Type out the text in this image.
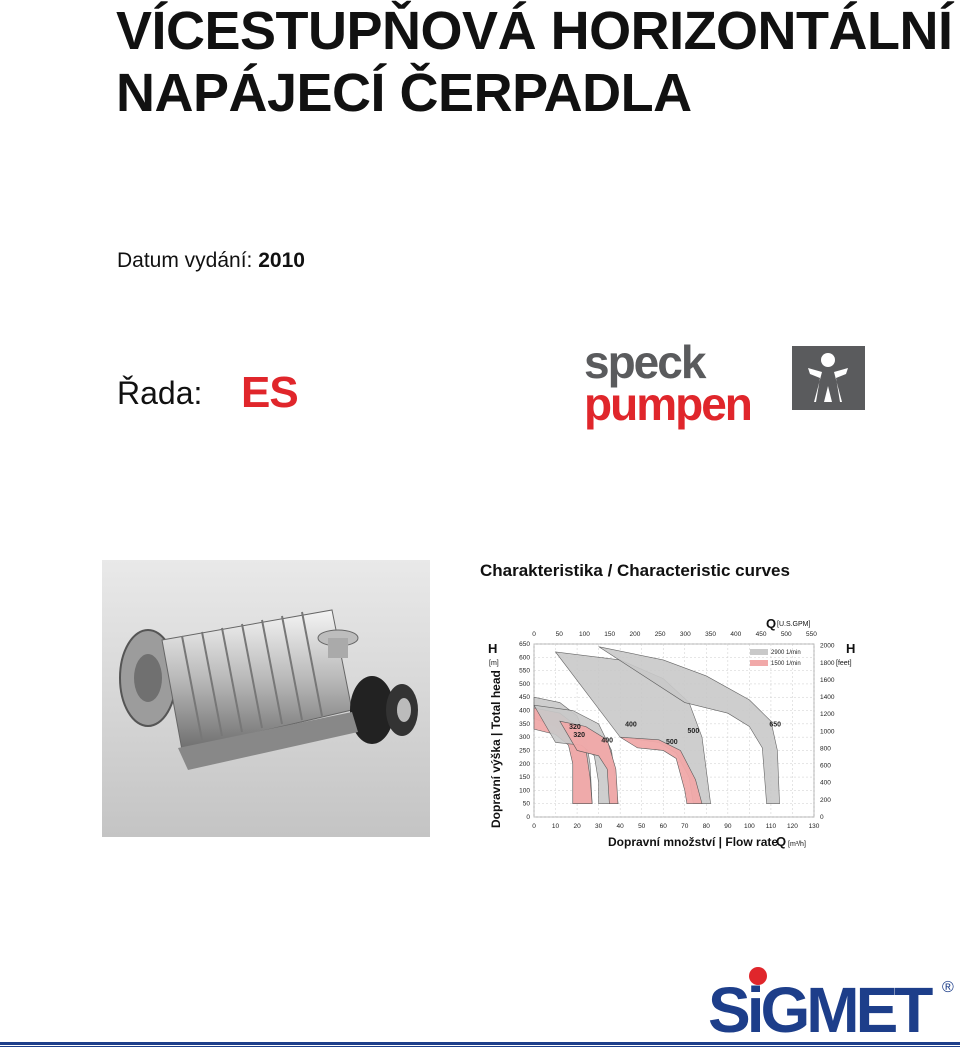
VÍCESTUPŇOVÁ HORIZONTÁLNÍ
NAPÁJECÍ ČERPADLA
Datum vydání: 2010
Řada: ES
speck
pumpen
Charakteristika / Characteristic curves
Q [U.S.GPM]
H
[m]
H
[feet]
Dopravní výška | Total head
Dopravní množství | Flow rate
Q [m³/h]
0 10 20 30 40 50 60 70 80 90 100 110 120 130
0
50
100
150
200
250
300
350
400
450
500
550
600
650
0	50 100 150 200 250 300 350 400 450 500 550
0
200
400
600
800
1000
1200
1400
1600
1800
2000
320
320
400
400
500
500
650
2900 1/min
1500 1/min
SiGMET ®
